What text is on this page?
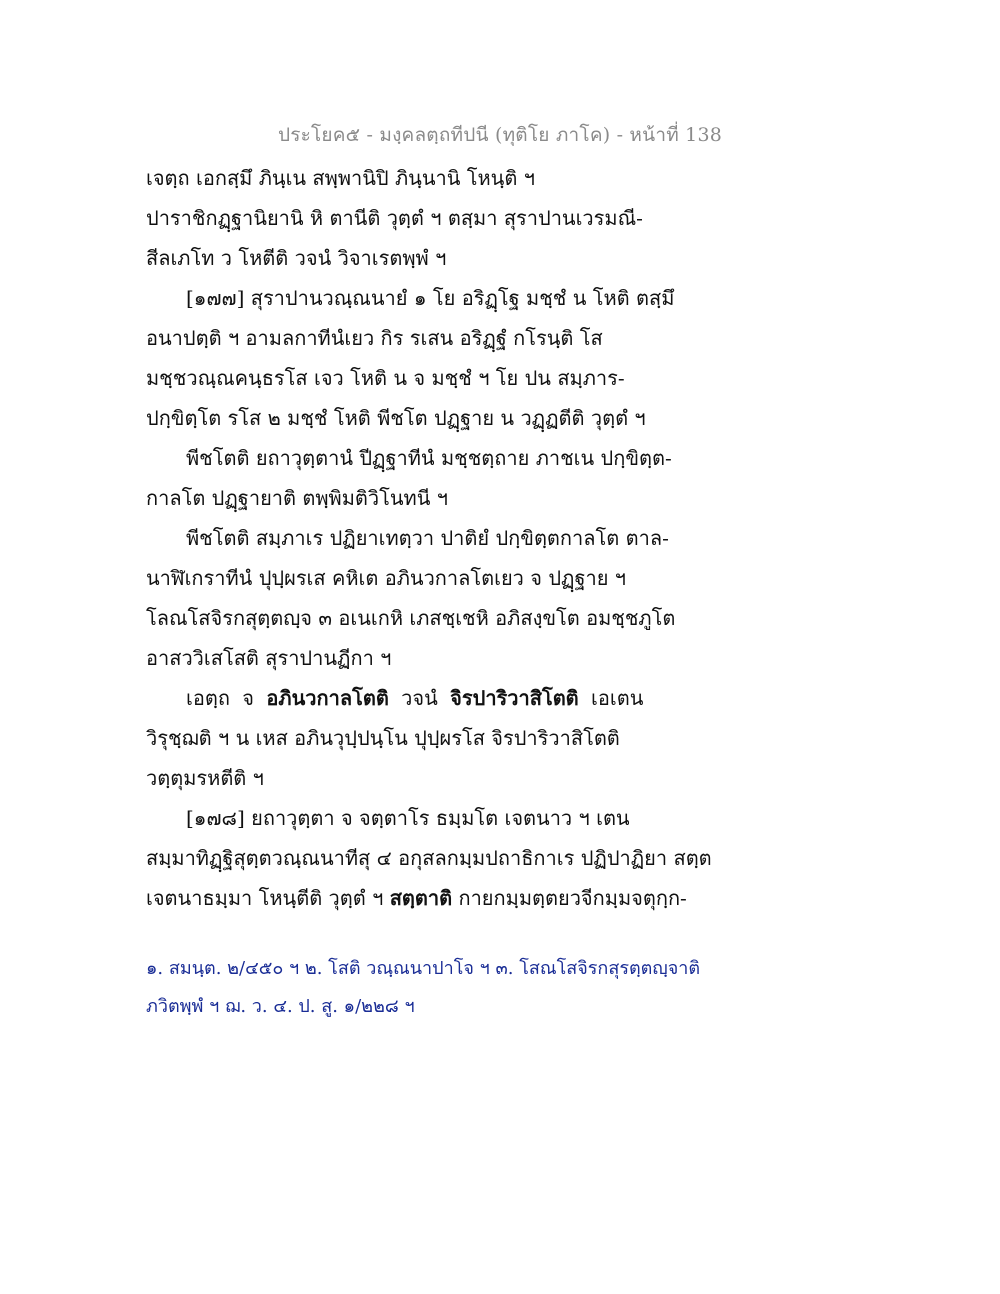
ประโยค๕ - มงฺคลตฺถทีปนี (ทุติโย ภาโค) - หน้าที่ 138
เจตฺถ เอกสฺมึ ภินฺเน สพฺพานิปิ ภินฺนานิ โหนฺติ ฯ
ปาราชิกฏฺฐานิยานิ หิ ตานีติ วุตฺตํ ฯ ตสฺมา สุราปานเวรมณี-
สีลเภโท ว โหตีติ วจนํ วิจาเรตพฺพํ ฯ
[๑๗๗] สุราปานวณฺณนายํ ๑ โย อริฏฺโฐ มชฺชํ น โหติ ตสฺมึ
อนาปตฺติ ฯ อามลกาทีนํเยว กิร รเสน อริฏฺฐํ กโรนฺติ โส
มชฺชวณฺณคนฺธรโส เจว โหติ น จ มชฺชํ ฯ โย ปน สมฺภาร-
ปกฺขิตฺโต รโส ๒ มชฺชํ โหติ พีชโต ปฏฺฐาย น วฏฺฏตีติ วุตฺตํ ฯ
พีชโตติ ยถาวุตฺตานํ ปีฏฺฐาทีนํ มชฺชตฺถาย ภาชเน ปกฺขิตฺต-
กาลโต ปฏฺฐายาติ ตพฺพิมติวิโนทนี ฯ
พีชโตติ สมฺภาเร ปฏิยาเทตฺวา ปาติยํ ปกฺขิตฺตกาลโต ตาล-
นาฬิเกราทีนํ ปุปฺผรเส คหิเต อภินวกาลโตเยว จ ปฏฺฐาย ฯ
โลณโสจิรกสุตฺตญฺจ ๓ อเนเกหิ เภสชฺเชหิ อภิสงฺขโต อมชฺชภูโต
อาสววิเสโสติ สุราปานฏีกา ฯ
เอตฺถ จ อภินวกาลโตติ วจนํ จิรปาริวาสิโตติ เอเตน
วิรุชฺฌติ ฯ น เหส อภินวุปฺปนฺโน ปุปฺผรโส จิรปาริวาสิโตติ
วตฺตุมรหตีติ ฯ
[๑๗๘] ยถาวุตฺตา จ จตฺตาโร ธมฺมโต เจตนาว ฯ เตน
สมฺมาทิฏฺฐิสุตฺตวณฺณนาทีสุ ๔ อกุสลกมฺมปถาธิกาเร ปฏิปาฏิยา สตฺต
เจตนาธมฺมา โหนฺตีติ วุตฺตํ ฯ สตฺตาติ กายกมฺมตฺตยวจีกมฺมจตุกฺก-
๑. สมนฺต. ๒/๔๕๐ ฯ ๒. โสติ วณฺณนาปาโจ ฯ ๓. โสณโสจิรกสุรตฺตญฺจาติ
ภวิตพฺพํ ฯ ฌ. ว. ๔. ป. สู. ๑/๒๒๘ ฯ
